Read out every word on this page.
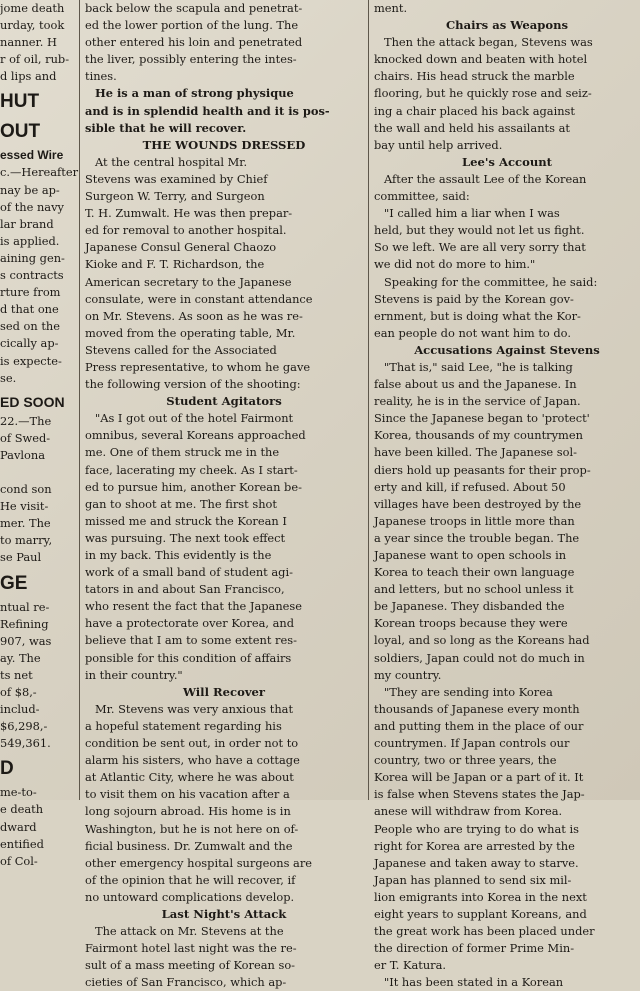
jome death
urday, took
nanner. H
r of oil, rub-
d lips and
HUT OUT
essed Wire
c.—Hereafter
nay be ap-
of the navy
lar brand
is applied.
aining gen-
s contracts
rture from
d that one
sed on the
cically ap-
is expecte-
se.
ED SOON
22.—The
of Swed-
Pavlona

cond son
He visit-
mer. The
to marry,
se Paul
GE
ntual re-
Refining
907, was
ay. The
ts net
of $8,-
includ-
$6,298,-
549,361.
D
me-to-
e death
dward
entified
of Col-
back below the scapula and penetrat-
ed the lower portion of the lung. The
other entered his loin and penetrated
the liver, possibly entering the intes-
tines.
He is a man of strong physique
and is in splendid health and it is pos-
sible that he will recover.
THE WOUNDS DRESSED
At the central hospital Mr.
Stevens was examined by Chief
Surgeon W. Terry, and Surgeon
T. H. Zumwalt. He was then prepar-
ed for removal to another hospital.
Japanese Consul General Chaozo
Kioke and F. T. Richardson, the
American secretary to the Japanese
consulate, were in constant attendance
on Mr. Stevens. As soon as he was re-
moved from the operating table, Mr.
Stevens called for the Associated
Press representative, to whom he gave
the following version of the shooting:
Student Agitators
"As I got out of the hotel Fairmont
omnibus, several Koreans approached
me. One of them struck me in the
face, lacerating my cheek. As I start-
ed to pursue him, another Korean be-
gan to shoot at me. The first shot
missed me and struck the Korean I
was pursuing. The next took effect
in my back. This evidently is the
work of a small band of student agi-
tators in and about San Francisco,
who resent the fact that the Japanese
have a protectorate over Korea, and
believe that I am to some extent res-
ponsible for this condition of affairs
in their country."
Will Recover
Mr. Stevens was very anxious that
a hopeful statement regarding his
condition be sent out, in order not to
alarm his sisters, who have a cottage
at Atlantic City, where he was about
to visit them on his vacation after a
long sojourn abroad. His home is in
Washington, but he is not here on of-
ficial business. Dr. Zumwalt and the
other emergency hospital surgeons are
of the opinion that he will recover, if
no untoward complications develop.
Last Night's Attack
The attack on Mr. Stevens at the
Fairmont hotel last night was the re-
sult of a mass meeting of Korean so-
cieties of San Francisco, which ap-
ment.
Chairs as Weapons
Then the attack began, Stevens was
knocked down and beaten with hotel
chairs. His head struck the marble
flooring, but he quickly rose and seiz-
ing a chair placed his back against
the wall and held his assailants at
bay until help arrived.
Lee's Account
After the assault Lee of the Korean
committee, said:
"I called him a liar when I was
held, but they would not let us fight.
So we left. We are all very sorry that
we did not do more to him."
Speaking for the committee, he said:
Stevens is paid by the Korean gov-
ernment, but is doing what the Kor-
ean people do not want him to do.
Accusations Against Stevens
"That is," said Lee, "he is talking
false about us and the Japanese. In
reality, he is in the service of Japan.
Since the Japanese began to 'protect'
Korea, thousands of my countrymen
have been killed. The Japanese sol-
diers hold up peasants for their prop-
erty and kill, if refused. About 50
villages have been destroyed by the
Japanese troops in little more than
a year since the trouble began. The
Japanese want to open schools in
Korea to teach their own language
and letters, but no school unless it
be Japanese. They disbanded the
Korean troops because they were
loyal, and so long as the Koreans had
soldiers, Japan could not do much in
my country.
"They are sending into Korea
thousands of Japanese every month
and putting them in the place of our
countrymen. If Japan controls our
country, two or three years, the
Korea will be Japan or a part of it. It
is false when Stevens states the Jap-
anese will withdraw from Korea.
People who are trying to do what is
right for Korea are arrested by the
Japanese and taken away to starve.
Japan has planned to send six mil-
lion emigrants into Korea in the next
eight years to supplant Koreans, and
the great work has been placed under
the direction of former Prime Min-
er T. Katura.
"It has been stated in a Korean
